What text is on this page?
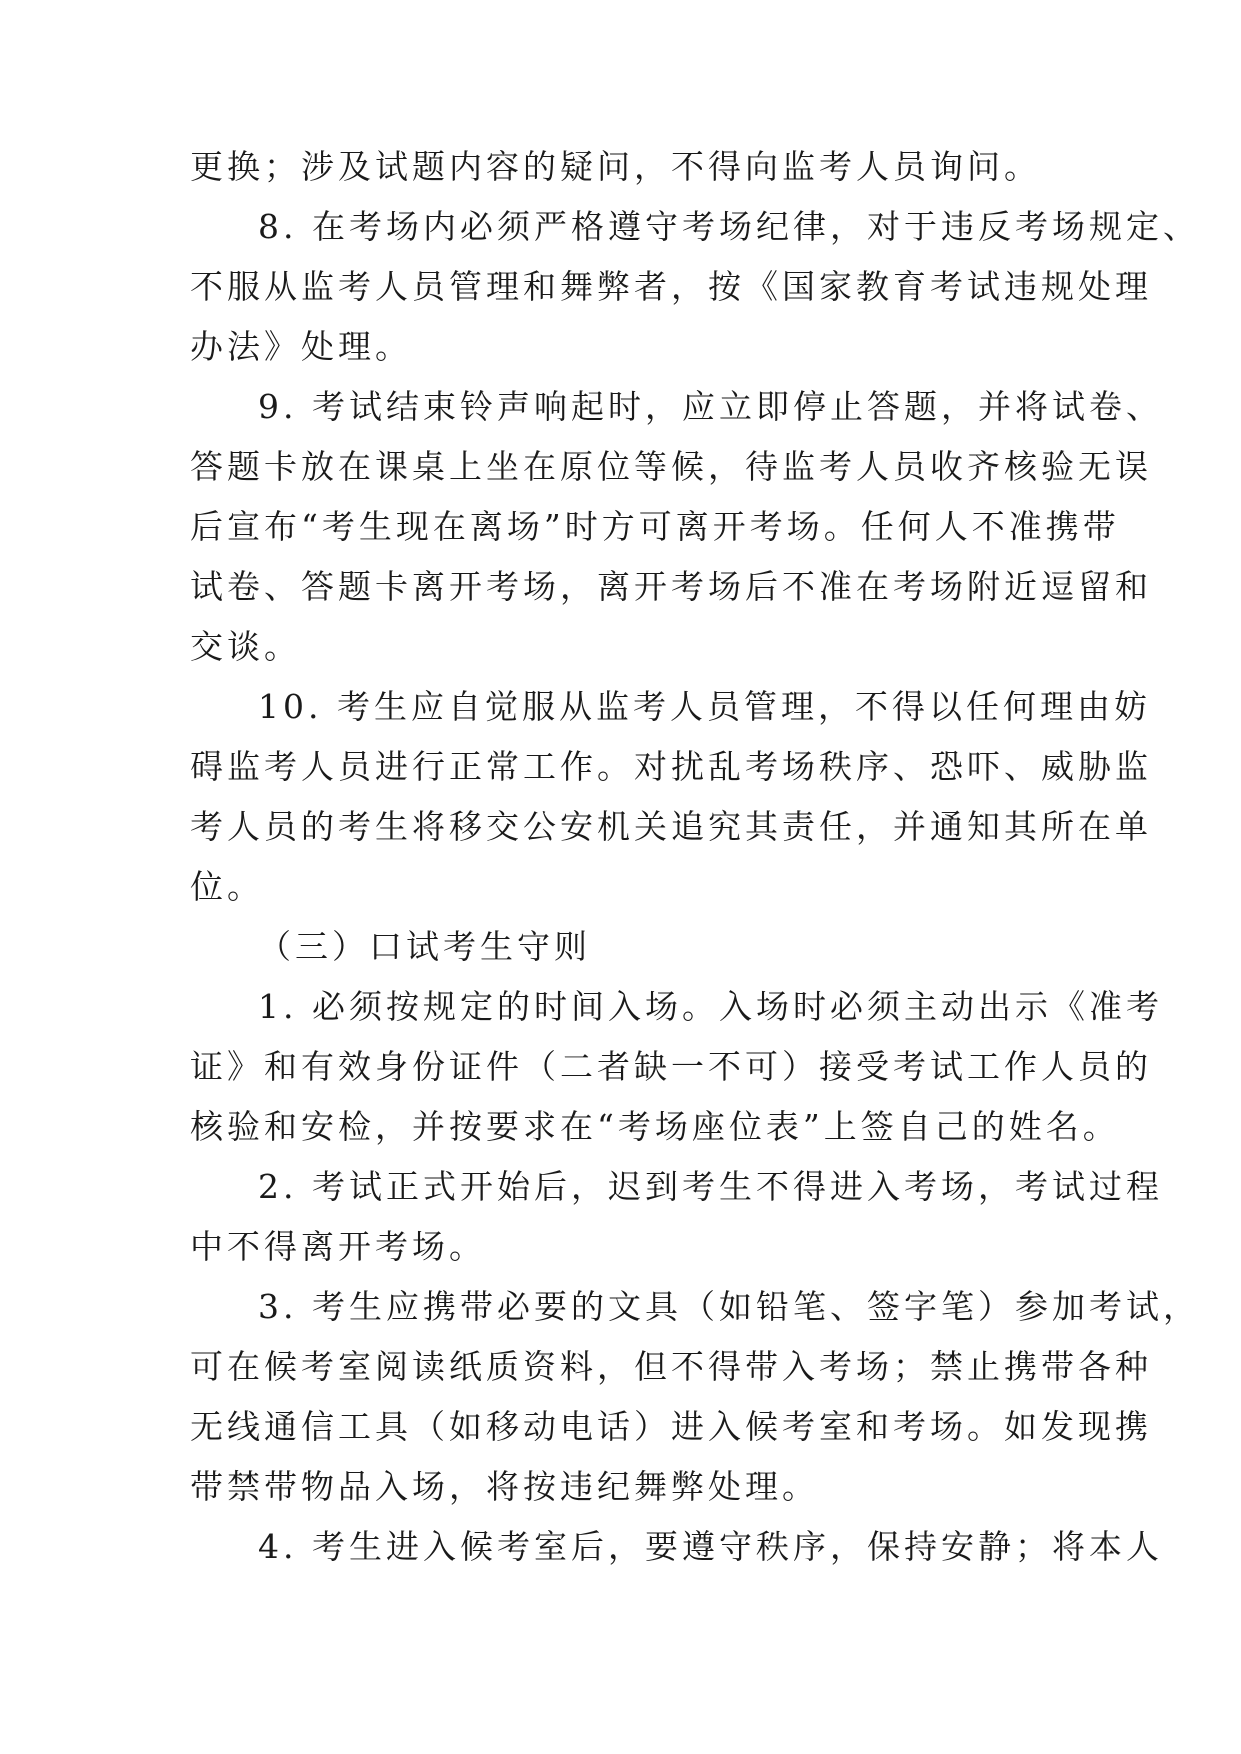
更换；涉及试题内容的疑问，不得向监考人员询问。
8. 在考场内必须严格遵守考场纪律，对于违反考场规定、
不服从监考人员管理和舞弊者，按《国家教育考试违规处理
办法》处理。
9. 考试结束铃声响起时，应立即停止答题，并将试卷、
答题卡放在课桌上坐在原位等候，待监考人员收齐核验无误
后宣布“考生现在离场”时方可离开考场。任何人不准携带
试卷、答题卡离开考场，离开考场后不准在考场附近逗留和
交谈。
10. 考生应自觉服从监考人员管理，不得以任何理由妨
碍监考人员进行正常工作。对扰乱考场秩序、恐吓、威胁监
考人员的考生将移交公安机关追究其责任，并通知其所在单
位。
（三）口试考生守则
1. 必须按规定的时间入场。入场时必须主动出示《准考
证》和有效身份证件（二者缺一不可）接受考试工作人员的
核验和安检，并按要求在“考场座位表”上签自己的姓名。
2. 考试正式开始后，迟到考生不得进入考场，考试过程
中不得离开考场。
3. 考生应携带必要的文具（如铅笔、签字笔）参加考试，
可在候考室阅读纸质资料，但不得带入考场；禁止携带各种
无线通信工具（如移动电话）进入候考室和考场。如发现携
带禁带物品入场，将按违纪舞弊处理。
4. 考生进入候考室后，要遵守秩序，保持安静；将本人
